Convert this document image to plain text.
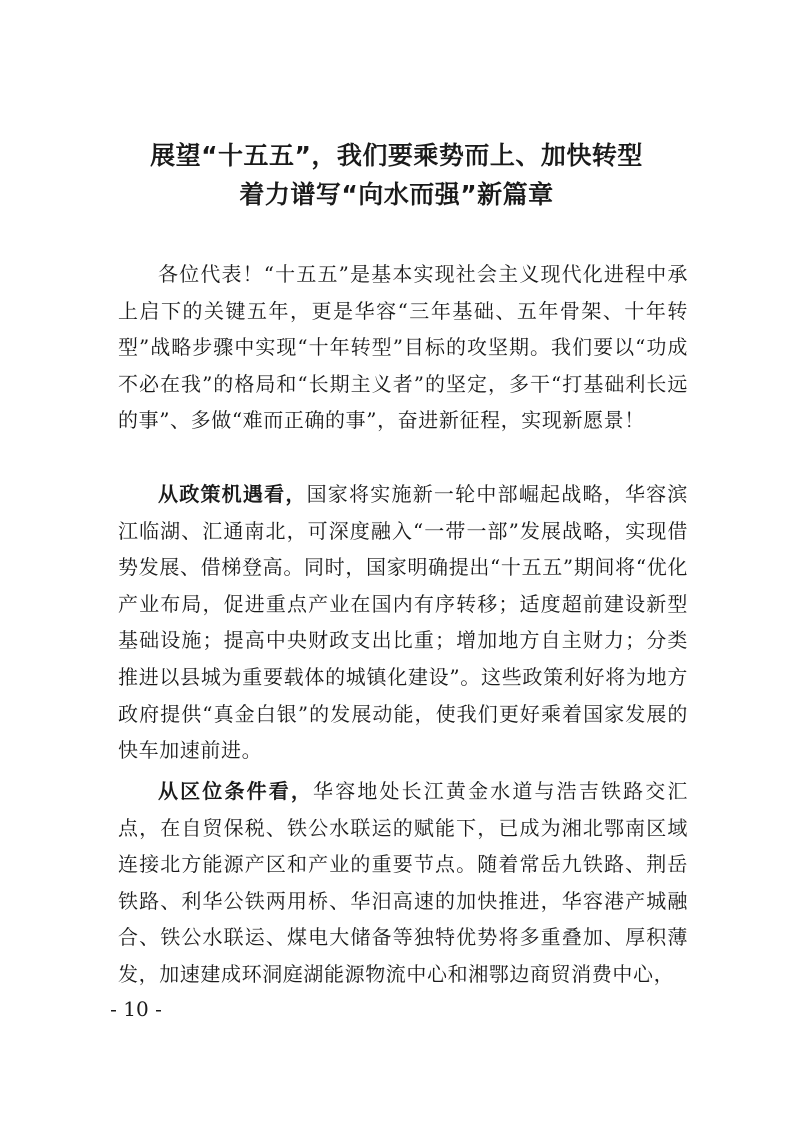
展望“十五五”，我们要乘势而上、加快转型
着力谱写“向水而强”新篇章

各位代表！“十五五”是基本实现社会主义现代化进程中承上启下的关键五年，更是华容“三年基础、五年骨架、十年转型”战略步骤中实现“十年转型”目标的攻坚期。我们要以“功成不必在我”的格局和“长期主义者”的坚定，多干“打基础利长远的事”、多做“难而正确的事”，奋进新征程，实现新愿景！

从政策机遇看，国家将实施新一轮中部崛起战略，华容滨江临湖、汇通南北，可深度融入“一带一部”发展战略，实现借势发展、借梯登高。同时，国家明确提出“十五五”期间将“优化产业布局，促进重点产业在国内有序转移；适度超前建设新型基础设施；提高中央财政支出比重；增加地方自主财力；分类推进以县城为重要载体的城镇化建设”。这些政策利好将为地方政府提供“真金白银”的发展动能，使我们更好乘着国家发展的快车加速前进。

从区位条件看，华容地处长江黄金水道与浩吉铁路交汇点，在自贸保税、铁公水联运的赋能下，已成为湘北鄂南区域连接北方能源产区和产业的重要节点。随着常岳九铁路、荆岳铁路、利华公铁两用桥、华汨高速的加快推进，华容港产城融合、铁公水联运、煤电大储备等独特优势将多重叠加、厚积薄发，加速建成环洞庭湖能源物流中心和湘鄂边商贸消费中心，

- 10 -
